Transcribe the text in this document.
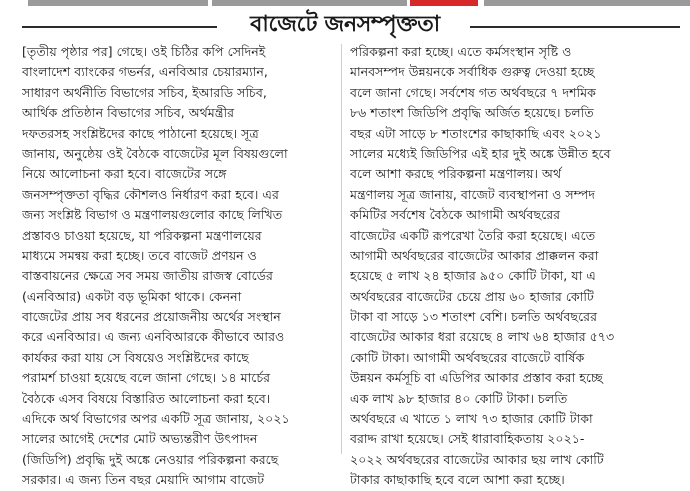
বাজেটে জনসম্পৃক্ততা
[তৃতীয় পৃষ্ঠার পর] গেছে। ওই চিঠির কপি সেদিনই
বাংলাদেশ ব্যাংকের গভর্নর, এনবিআর চেয়ারম্যান,
সাধারণ অর্থনীতি বিভাগের সচিব, ইআরডি সচিব,
আর্থিক প্রতিষ্ঠান বিভাগের সচিব, অর্থমন্ত্রীর
দফতরসহ সংশ্লিষ্টদের কাছে পাঠানো হয়েছে। সূত্র
জানায়, অনুষ্ঠেয় ওই বৈঠকে বাজেটের মূল বিষয়গুলো
নিয়ে আলোচনা করা হবে। বাজেটের সঙ্গে
জনসম্পৃক্ততা বৃদ্ধির কৌশলও নির্ধারণ করা হবে। এর
জন্য সংশ্লিষ্ট বিভাগ ও মন্ত্রণালয়গুলোর কাছে লিখিত
প্রস্তাবও চাওয়া হয়েছে, যা পরিকল্পনা মন্ত্রণালয়ের
মাধ্যমে সমন্বয় করা হচ্ছে। তবে বাজেট প্রণয়ন ও
বাস্তবায়নের ক্ষেত্রে সব সময় জাতীয় রাজস্ব বোর্ডের
(এনবিআর) একটা বড় ভূমিকা থাকে। কেননা
বাজেটের প্রায় সব ধরনের প্রয়োজনীয় অর্থের সংস্থান
করে এনবিআর। এ জন্য এনবিআরকে কীভাবে আরও
কার্যকর করা যায় সে বিষয়েও সংশ্লিষ্টদের কাছে
পরামর্শ চাওয়া হয়েছে বলে জানা গেছে। ১৪ মার্চের
বৈঠকে এসব বিষয়ে বিস্তারিত আলোচনা করা হবে।
এদিকে অর্থ বিভাগের অপর একটি সূত্র জানায়, ২০২১
সালের আগেই দেশের মোট অভ্যন্তরীণ উৎপাদন
(জিডিপি) প্রবৃদ্ধি দুই অঙ্কে নেওয়ার পরিকল্পনা করছে
সরকার। এ জন্য তিন বছর মেয়াদি আগাম বাজেট
পরিকল্পনা করা হচ্ছে। এতে কর্মসংস্থান সৃষ্টি ও
মানবসম্পদ উন্নয়নকে সর্বাধিক গুরুত্ব দেওয়া হচ্ছে
বলে জানা গেছে। সর্বশেষ গত অর্থবছরে ৭ দশমিক
৮৬ শতাংশ জিডিপি প্রবৃদ্ধি অর্জিত হয়েছে। চলতি
বছর এটা সাড়ে ৮ শতাংশের কাছাকাছি এবং ২০২১
সালের মধ্যেই জিডিপির এই হার দুই অঙ্কে উন্নীত হবে
বলে আশা করছে পরিকল্পনা মন্ত্রণালয়। অর্থ
মন্ত্রণালয় সূত্র জানায়, বাজেট ব্যবস্থাপনা ও সম্পদ
কমিটির সর্বশেষ বৈঠকে আগামী অর্থবছরের
বাজেটের একটি রূপরেখা তৈরি করা হয়েছে। এতে
আগামী অর্থবছরের বাজেটের আকার প্রাক্কলন করা
হয়েছে ৫ লাখ ২৪ হাজার ৯৫০ কোটি টাকা, যা এ
অর্থবছরের বাজেটের চেয়ে প্রায় ৬০ হাজার কোটি
টাকা বা সাড়ে ১৩ শতাংশ বেশি। চলতি অর্থবছরের
বাজেটের আকার ধরা রয়েছে ৪ লাখ ৬৪ হাজার ৫৭৩
কোটি টাকা। আগামী অর্থবছরের বাজেটে বার্ষিক
উন্নয়ন কর্মসূচি বা এডিপির আকার প্রস্তাব করা হচ্ছে
এক লাখ ৯৮ হাজার ৪০ কোটি টাকা। চলতি
অর্থবছরে এ খাতে ১ লাখ ৭৩ হাজার কোটি টাকা
বরাদ্দ রাখা হয়েছে। সেই ধারাবাহিকতায় ২০২১-
২০২২ অর্থবছরের বাজেটের আকার ছয় লাখ কোটি
টাকার কাছাকাছি হবে বলে আশা করা হচ্ছে।
